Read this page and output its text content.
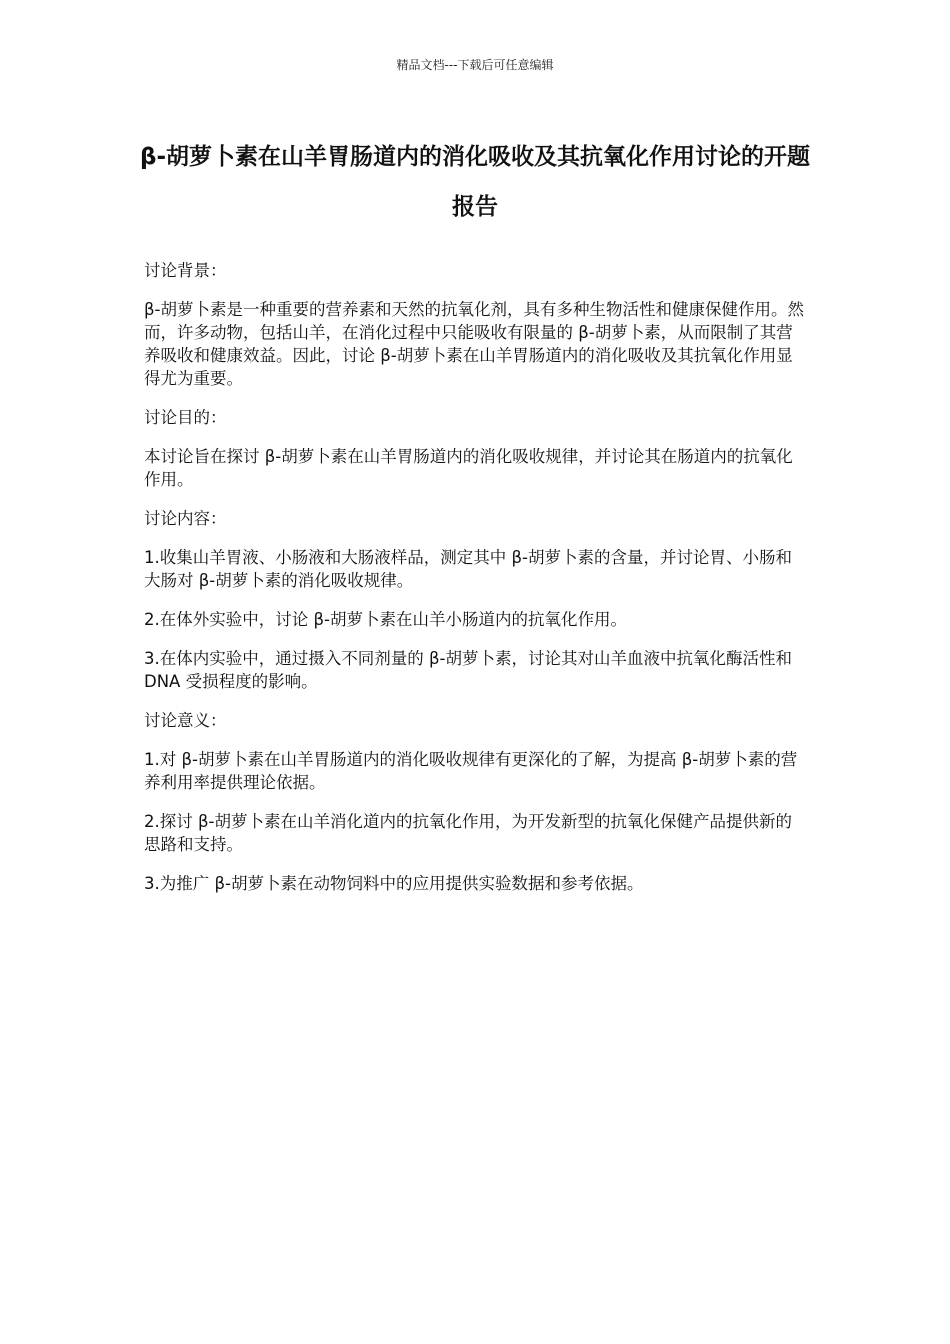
精品文档---下载后可任意编辑
β-胡萝卜素在山羊胃肠道内的消化吸收及其抗氧化作用讨论的开题报告

讨论背景：

β-胡萝卜素是一种重要的营养素和天然的抗氧化剂，具有多种生物活性和健康保健作用。然而，许多动物，包括山羊，在消化过程中只能吸收有限量的 β-胡萝卜素，从而限制了其营养吸收和健康效益。因此，讨论 β-胡萝卜素在山羊胃肠道内的消化吸收及其抗氧化作用显得尤为重要。

讨论目的：

本讨论旨在探讨 β-胡萝卜素在山羊胃肠道内的消化吸收规律，并讨论其在肠道内的抗氧化作用。

讨论内容：

1.收集山羊胃液、小肠液和大肠液样品，测定其中 β-胡萝卜素的含量，并讨论胃、小肠和大肠对 β-胡萝卜素的消化吸收规律。

2.在体外实验中，讨论 β-胡萝卜素在山羊小肠道内的抗氧化作用。

3.在体内实验中，通过摄入不同剂量的 β-胡萝卜素，讨论其对山羊血液中抗氧化酶活性和 DNA 受损程度的影响。

讨论意义：

1.对 β-胡萝卜素在山羊胃肠道内的消化吸收规律有更深化的了解，为提高 β-胡萝卜素的营养利用率提供理论依据。

2.探讨 β-胡萝卜素在山羊消化道内的抗氧化作用，为开发新型的抗氧化保健产品提供新的思路和支持。

3.为推广 β-胡萝卜素在动物饲料中的应用提供实验数据和参考依据。
